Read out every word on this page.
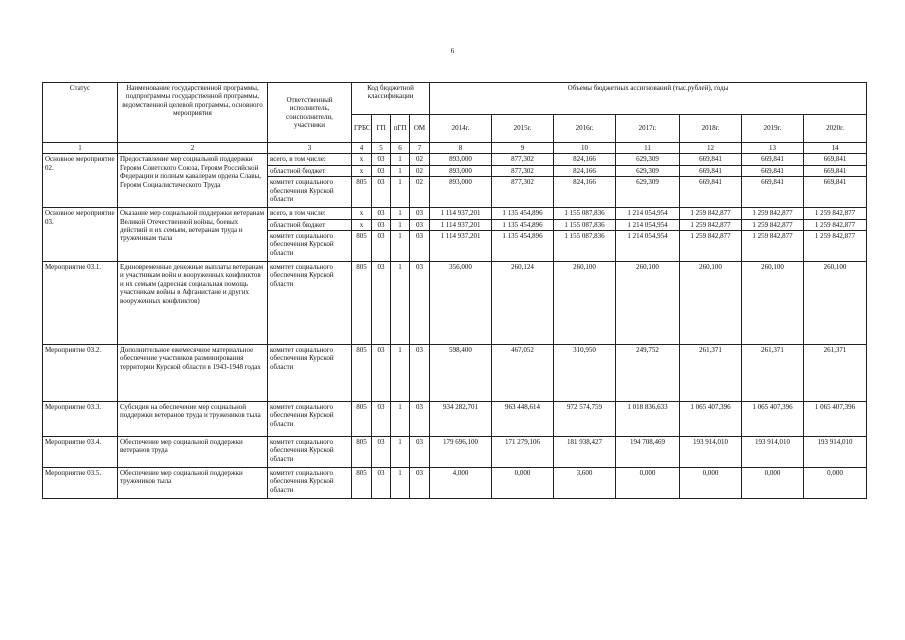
6
Статус	Наименование государственной программы, подпрограммы государственной программы, ведомственной целевой программы, основного мероприятия	Ответственный исполнитель, соисполнители, участники	Код бюджетной классификации				Объемы бюджетных ассигнований (тыс.рублей), годы						
			ГРБС	ГП	пГП	ОМ	2014г.	2015г.	2016г.	2017г.	2018г.	2019г.	2020г.
1	2	3	4	5	6	7	8	9	10	11	12	13	14
Основное мероприятие 02.	Предоставление мер социальной поддержки Героям Советского Союза, Героям Российской Федерации и полным кавалерам ордена Славы, Героям Социалистического Труда	всего, в том числе:	х	03	1	02	893,000	877,302	824,166	629,309	669,841	669,841	669,841
		областной бюджет	х	03	1	02	893,000	877,302	824,166	629,309	669,841	669,841	669,841
		комитет социального обеспечения Курской области	805	03	1	02	893,000	877,302	824,166	629,309	669,841	669,841	669,841
Основное мероприятие 03.	Оказание мер социальной поддержки ветеранам Великой Отечественной войны, боевых действий и их семьям, ветеранам труда и труженикам тыла	всего, в том числе:	х	03	1	03	1 114 937,201	1 135 454,896	1 155 087,836	1 214 054,954	1 259 842,877	1 259 842,877	1 259 842,877
		областной бюджет	х	03	1	03	1 114 937,201	1 135 454,896	1 155 087,836	1 214 054,954	1 259 842,877	1 259 842,877	1 259 842,877
		комитет социального обеспечения Курской области	805	03	1	03	1 114 937,201	1 135 454,896	1 155 087,836	1 214 054,954	1 259 842,877	1 259 842,877	1 259 842,877
Мероприятие 03.1.	Единовременные денежные выплаты ветеранам и участникам войн и вооруженных конфликтов и их семьям (адресная социальная помощь участникам войны в Афганистане и других вооруженных конфликтов)	комитет социального обеспечения Курской области	805	03	1	03	356,000	260,124	260,100	260,100	260,100	260,100	260,100
Мероприятие 03.2.	Дополнительное ежемесячное материальное обеспечение участников разминирования территории Курской области в 1943-1948 годах	комитет социального обеспечения Курской области	805	03	1	03	598,400	467,052	310,950	249,752	261,371	261,371	261,371
Мероприятие 03.3.	Субсидия на обеспечение мер социальной поддержки ветеранов труда и тружеников тыла	комитет социального обеспечения Курской области	805	03	1	03	934 282,701	963 448,614	972 574,759	1 018 836,633	1 065 407,396	1 065 407,396	1 065 407,396
Мероприятие 03.4.	Обеспечение мер социальной поддержки ветеранов труда	комитет социального обеспечения Курской области	805	03	1	03	179 696,100	171 279,106	181 938,427	194 708,469	193 914,010	193 914,010	193 914,010
Мероприятие 03.5.	Обеспечение мер социальной поддержки тружеников тыла	комитет социального обеспечения Курской области	805	03	1	03	4,000	0,000	3,600	0,000	0,000	0,000	0,000
